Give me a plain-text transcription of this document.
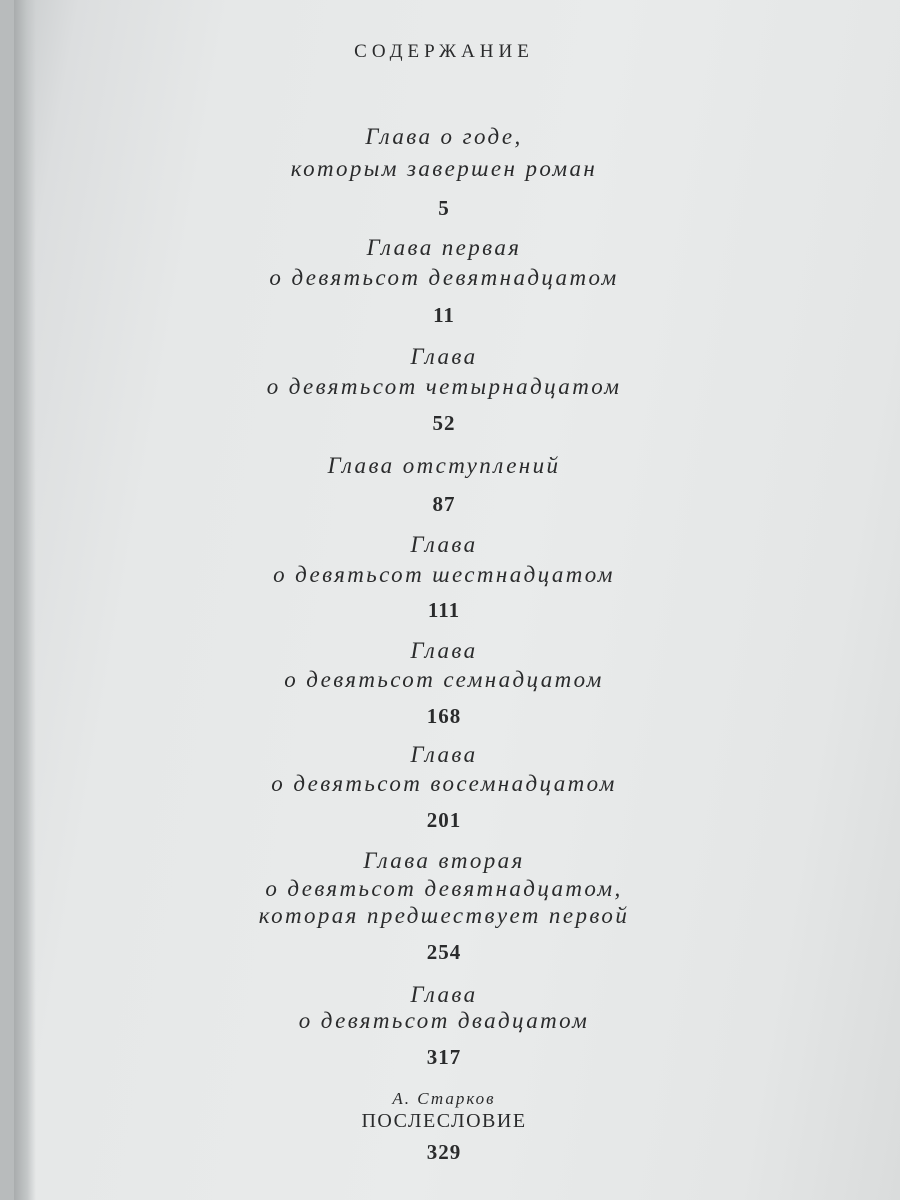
СОДЕРЖАНИЕ
Глава о годе,
которым завершен роман
5
Глава первая
о девятьсот девятнадцатом
11
Глава
о девятьсот четырнадцатом
52
Глава отступлений
87
Глава
о девятьсот шестнадцатом
111
Глава
о девятьсот семнадцатом
168
Глава
о девятьсот восемнадцатом
201
Глава вторая
о девятьсот девятнадцатом,
которая предшествует первой
254
Глава
о девятьсот двадцатом
317
А. Старков
ПОСЛЕСЛОВИЕ
329
